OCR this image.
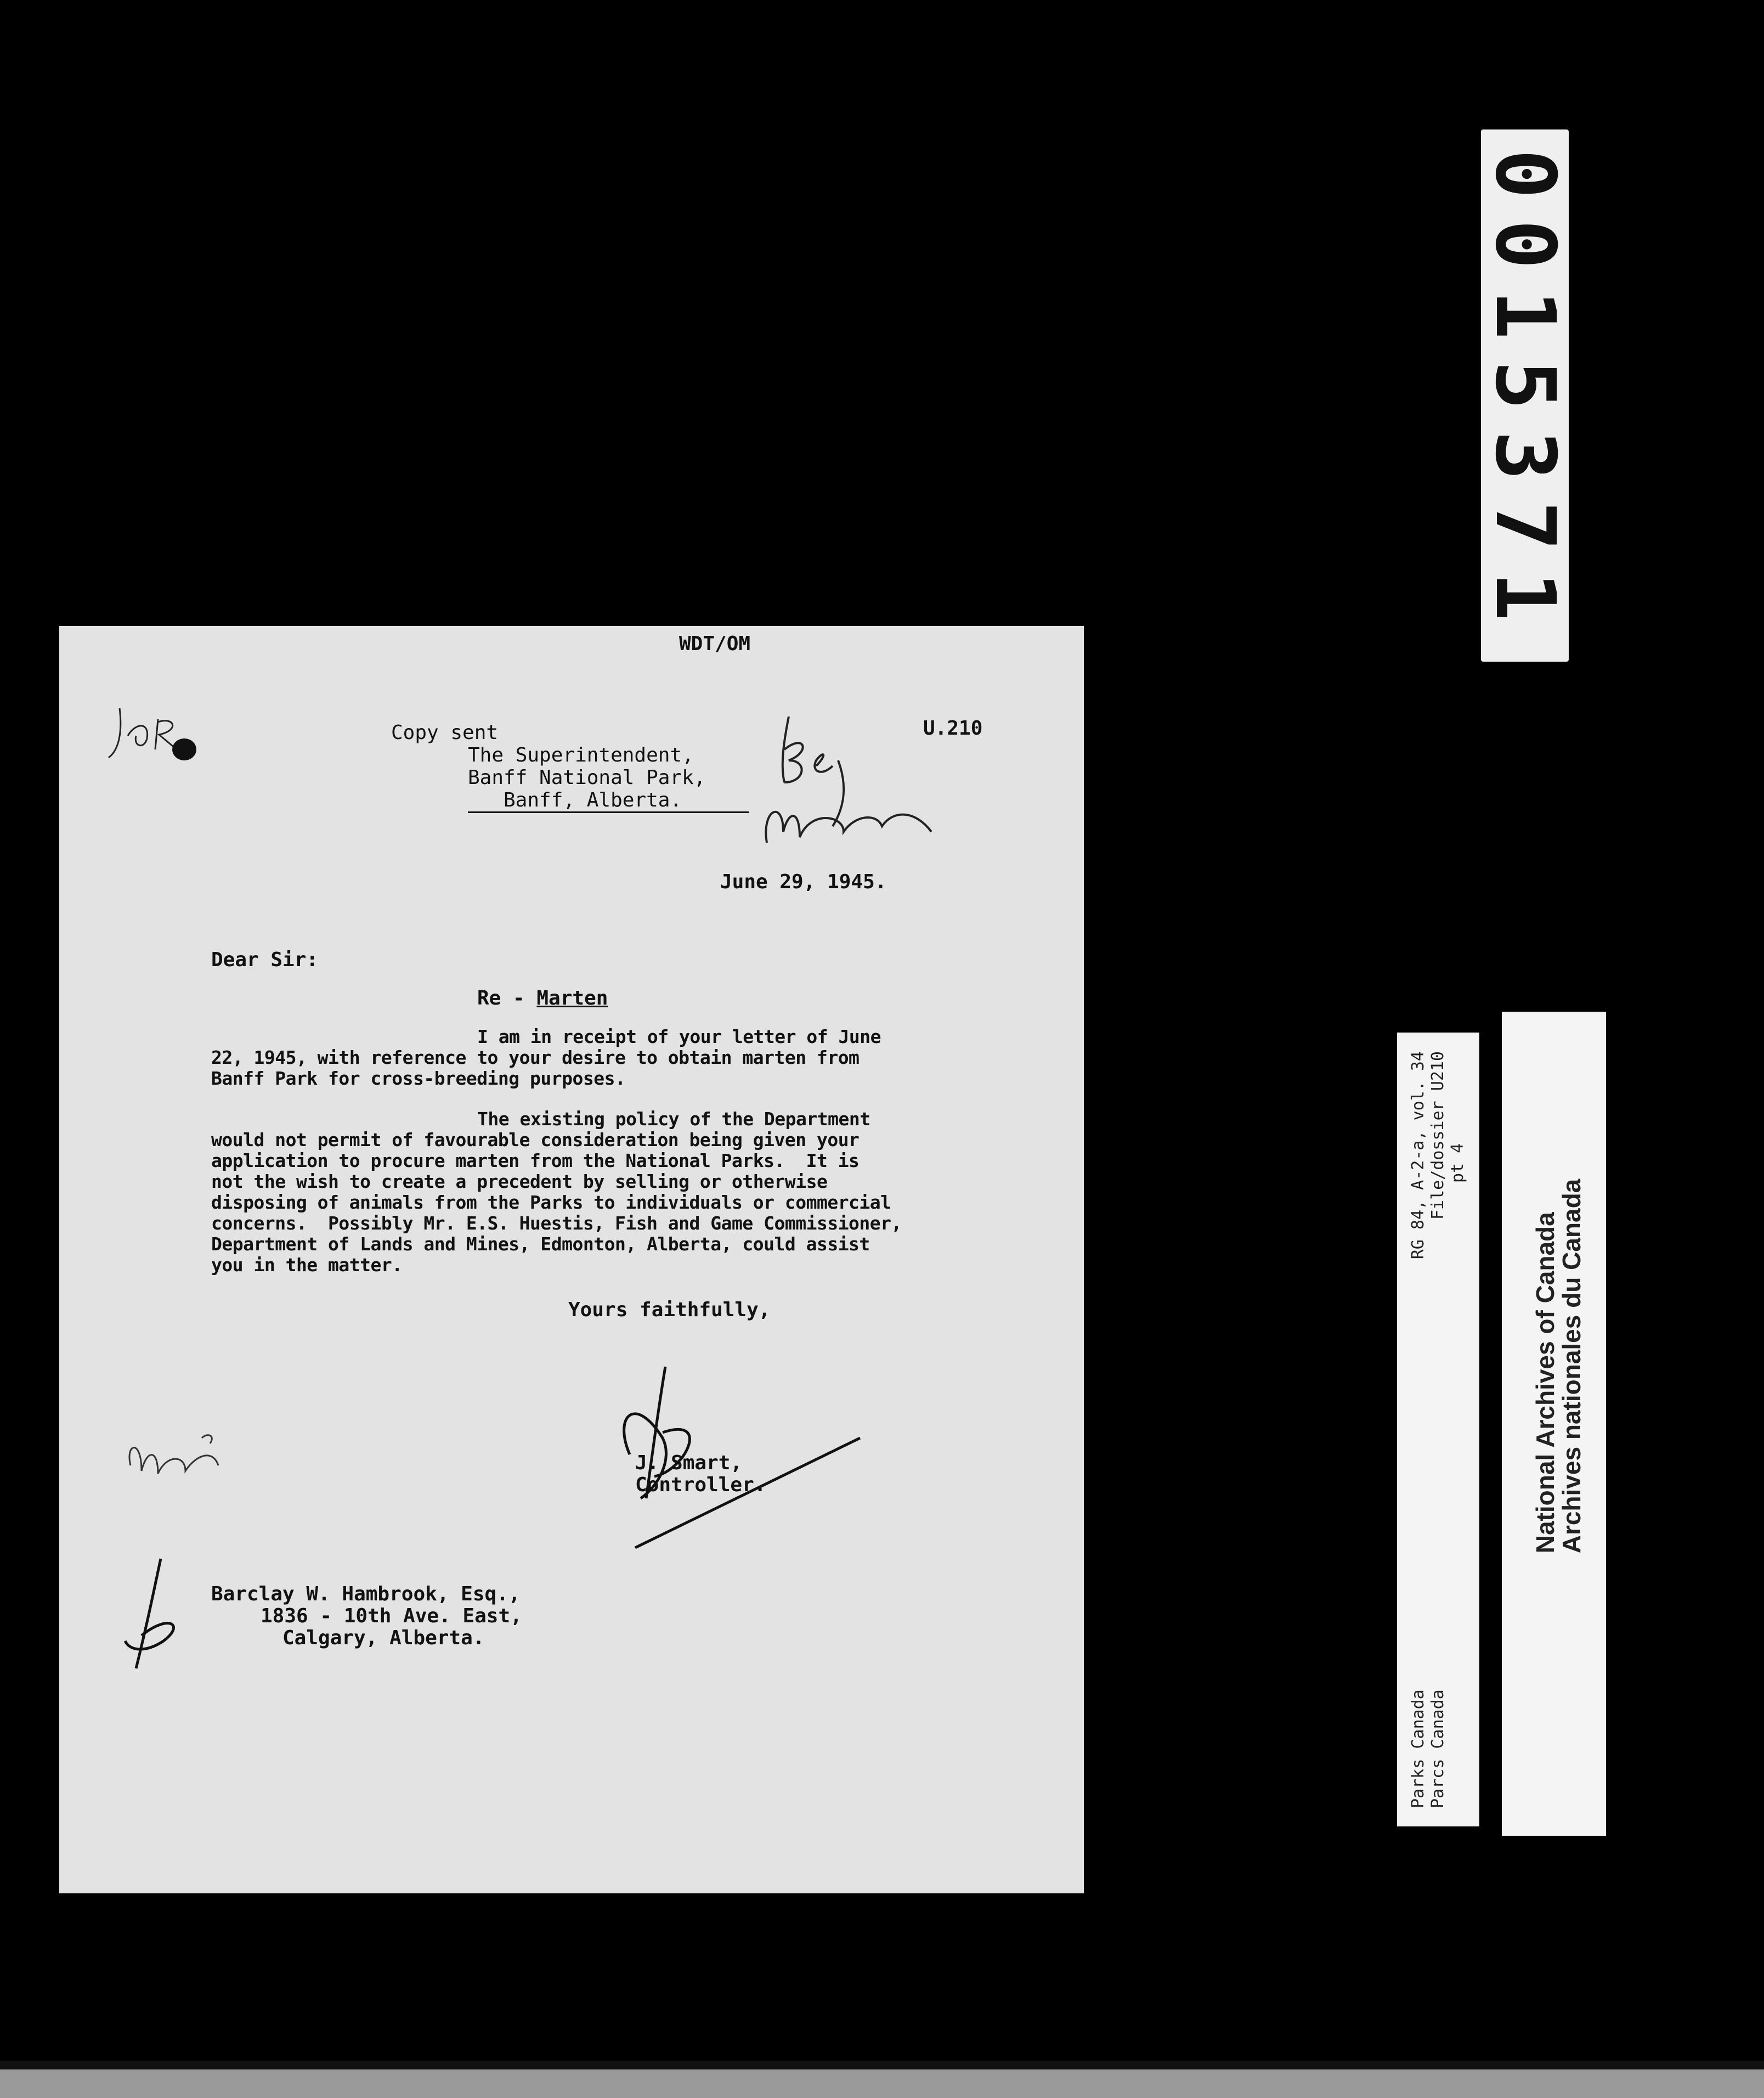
0015371
Parks Canada
RG 84, A-2-a, vol. 34
Parcs Canada
File/dossier U210 pt 4
National Archives of Canada
Archives nationales du Canada
WDT/OM
U.210
Copy sent
The Superintendent,
Banff National Park,
Banff, Alberta.
June 29, 1945.
Dear Sir:
Re - Marten
I am in receipt of your letter of June
22, 1945, with reference to your desire to obtain marten from
Banff Park for cross-breeding purposes.
The existing policy of the Department
would not permit of favourable consideration being given your
application to procure marten from the National Parks.  It is
not the wish to create a precedent by selling or otherwise
disposing of animals from the Parks to individuals or commercial
concerns.  Possibly Mr. E.S. Huestis, Fish and Game Commissioner,
Department of Lands and Mines, Edmonton, Alberta, could assist
you in the matter.
Yours faithfully,
J. Smart,
Controller.
Barclay W. Hambrook, Esq.,
1836 - 10th Ave. East,
Calgary, Alberta.
